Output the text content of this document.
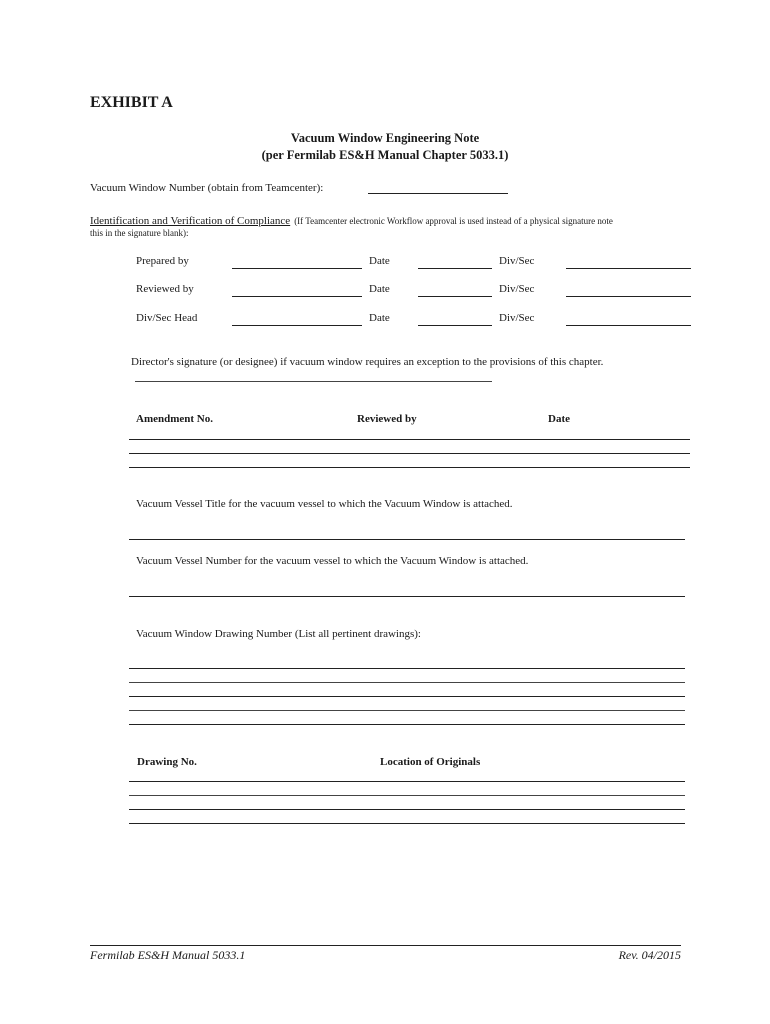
EXHIBIT A
Vacuum Window Engineering Note
(per Fermilab ES&H Manual Chapter 5033.1)
Vacuum Window Number (obtain from Teamcenter):
Identification and Verification of Compliance (If Teamcenter electronic Workflow approval is used instead of a physical signature note
this in the signature blank):
Prepared by	Date	Div/Sec
Reviewed by	Date	Div/Sec
Div/Sec Head	Date	Div/Sec
Director's signature (or designee) if vacuum window requires an exception to the provisions of this chapter.
Amendment No.	Reviewed by	Date
Vacuum Vessel Title for the vacuum vessel to which the Vacuum Window is attached.
Vacuum Vessel Number for the vacuum vessel to which the Vacuum Window is attached.
Vacuum Window Drawing Number (List all pertinent drawings):
Drawing No.	Location of Originals
Fermilab ES&H Manual 5033.1	Rev. 04/2015
